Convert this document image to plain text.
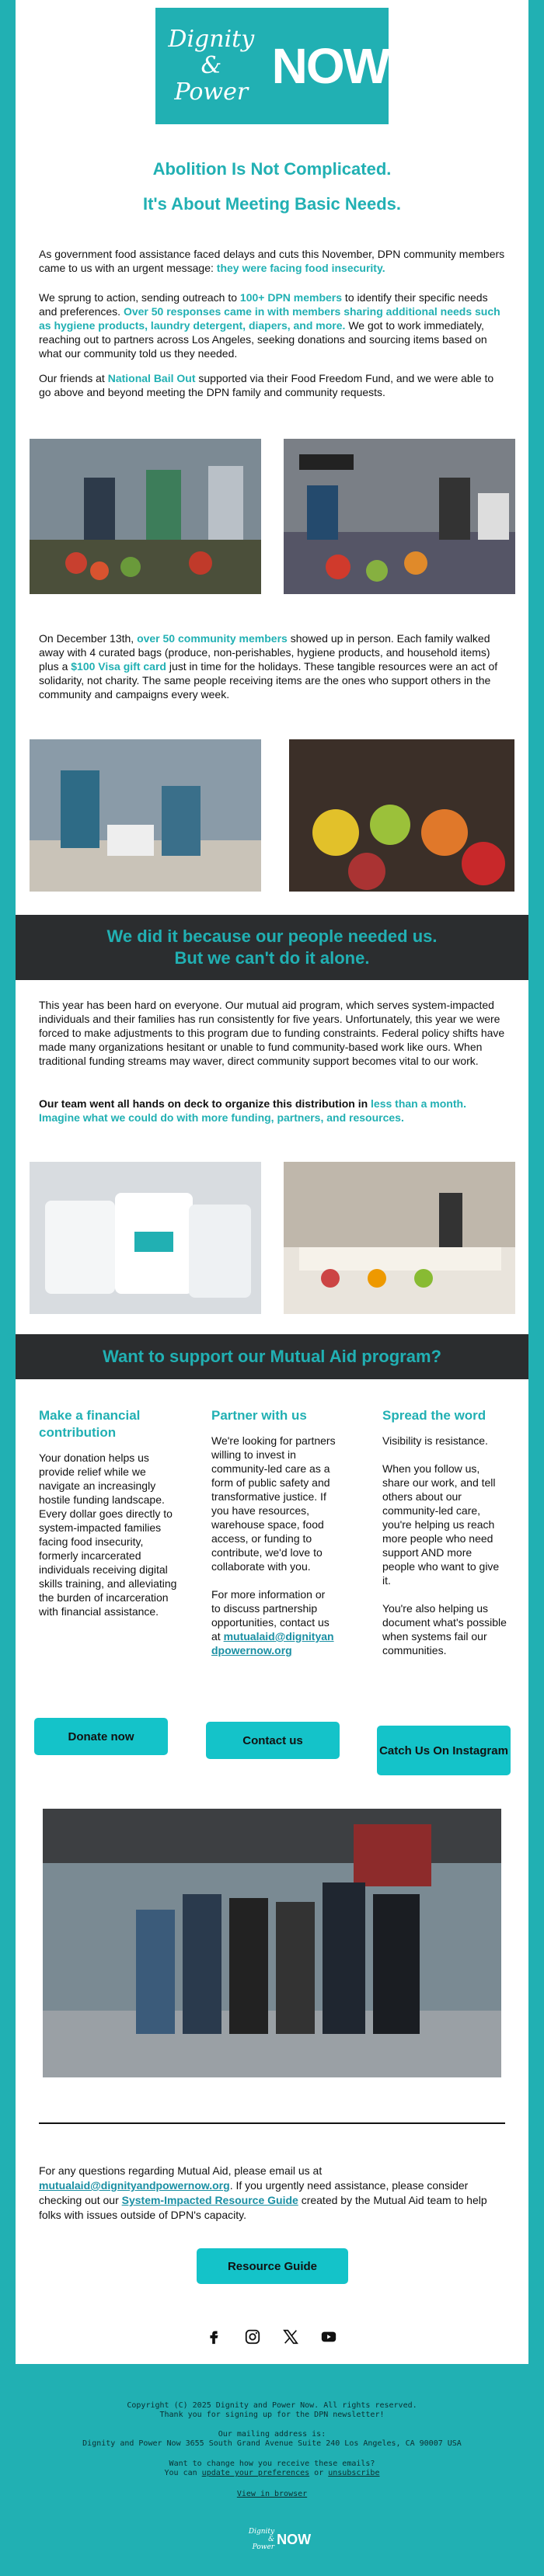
Dignity &
Power NOW
Abolition Is Not Complicated.
It's About Meeting Basic Needs.
As government food assistance faced delays and cuts this November, DPN community members came to us with an urgent message: they were facing food insecurity.
We sprung to action, sending outreach to 100+ DPN members to identify their specific needs and preferences. Over 50 responses came in with members sharing additional needs such as hygiene products, laundry detergent, diapers, and more. We got to work immediately, reaching out to partners across Los Angeles, seeking donations and sourcing items based on what our community told us they needed.
Our friends at National Bail Out supported via their Food Freedom Fund, and we were able to go above and beyond meeting the DPN family and community requests.
On December 13th, over 50 community members showed up in person. Each family walked away with 4 curated bags (produce, non-perishables, hygiene products, and household items) plus a $100 Visa gift card just in time for the holidays. These tangible resources were an act of solidarity, not charity. The same people receiving items are the ones who support others in the community and campaigns every week.
We did it because our people needed us.
But we can't do it alone.
This year has been hard on everyone. Our mutual aid program, which serves system-impacted individuals and their families has run consistently for five years. Unfortunately, this year we were forced to make adjustments to this program due to funding constraints. Federal policy shifts have made many organizations hesitant or unable to fund community-based work like ours. When traditional funding streams may waver, direct community support becomes vital to our work.
Our team went all hands on deck to organize this distribution in less than a month. Imagine what we could do with more funding, partners, and resources.
Want to support our Mutual Aid program?
Make a financial contribution
Your donation helps us provide relief while we navigate an increasingly hostile funding landscape. Every dollar goes directly to system-impacted families facing food insecurity, formerly incarcerated individuals receiving digital skills training, and alleviating the burden of incarceration with financial assistance.
Donate now
Partner with us
We're looking for partners willing to invest in community-led care as a form of public safety and transformative justice. If you have resources, warehouse space, food access, or funding to contribute, we'd love to collaborate with you.
For more information or to discuss partnership opportunities, contact us at mutualaid@dignityandpowernow.org
Contact us
Spread the word
Visibility is resistance.
When you follow us, share our work, and tell others about our community-led care, you're helping us reach more people who need support AND more people who want to give it.
You're also helping us document what's possible when systems fail our communities.
Catch Us On Instagram
For any questions regarding Mutual Aid, please email us at mutualaid@dignityandpowernow.org. If you urgently need assistance, please consider checking out our System-Impacted Resource Guide created by the Mutual Aid team to help folks with issues outside of DPN's capacity.
Resource Guide
Copyright (C) 2025 Dignity and Power Now. All rights reserved.
Thank you for signing up for the DPN newsletter!
Our mailing address is:
Dignity and Power Now 3655 South Grand Avenue Suite 240 Los Angeles, CA 90007 USA
Want to change how you receive these emails?
You can update your preferences or unsubscribe
View in browser
Dignity &
Power
NOW
